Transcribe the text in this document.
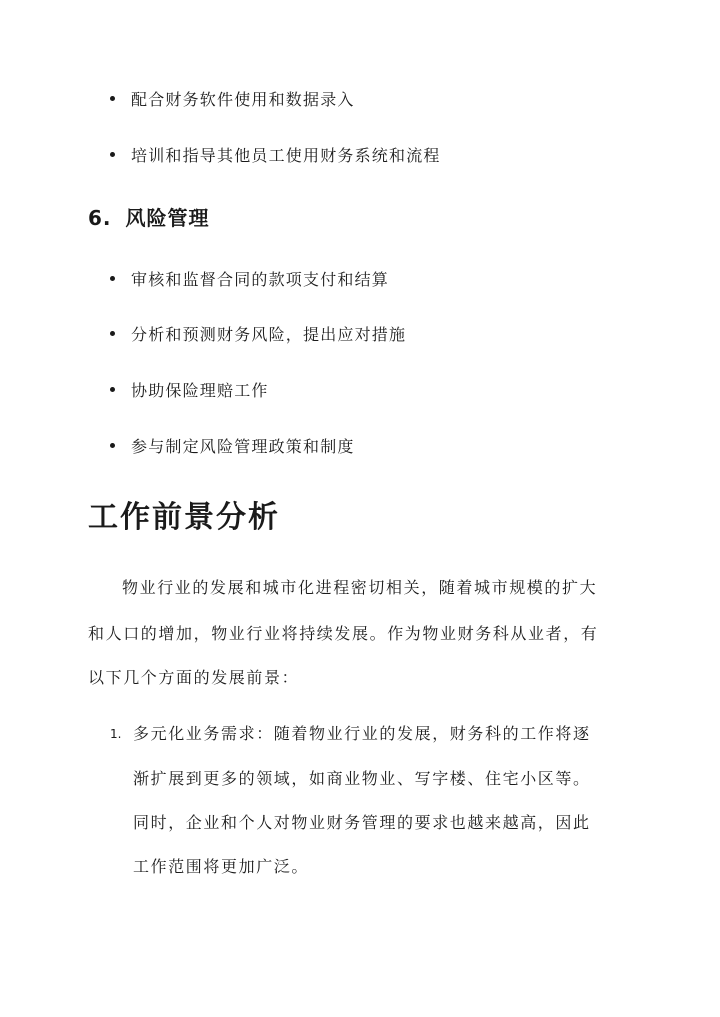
配合财务软件使用和数据录入
培训和指导其他员工使用财务系统和流程
6. 风险管理
审核和监督合同的款项支付和结算
分析和预测财务风险，提出应对措施
协助保险理赔工作
参与制定风险管理政策和制度
工作前景分析
物业行业的发展和城市化进程密切相关，随着城市规模的扩大
和人口的增加，物业行业将持续发展。作为物业财务科从业者，有
以下几个方面的发展前景：
1. 多元化业务需求：随着物业行业的发展，财务科的工作将逐
渐扩展到更多的领域，如商业物业、写字楼、住宅小区等。
同时，企业和个人对物业财务管理的要求也越来越高，因此
工作范围将更加广泛。
